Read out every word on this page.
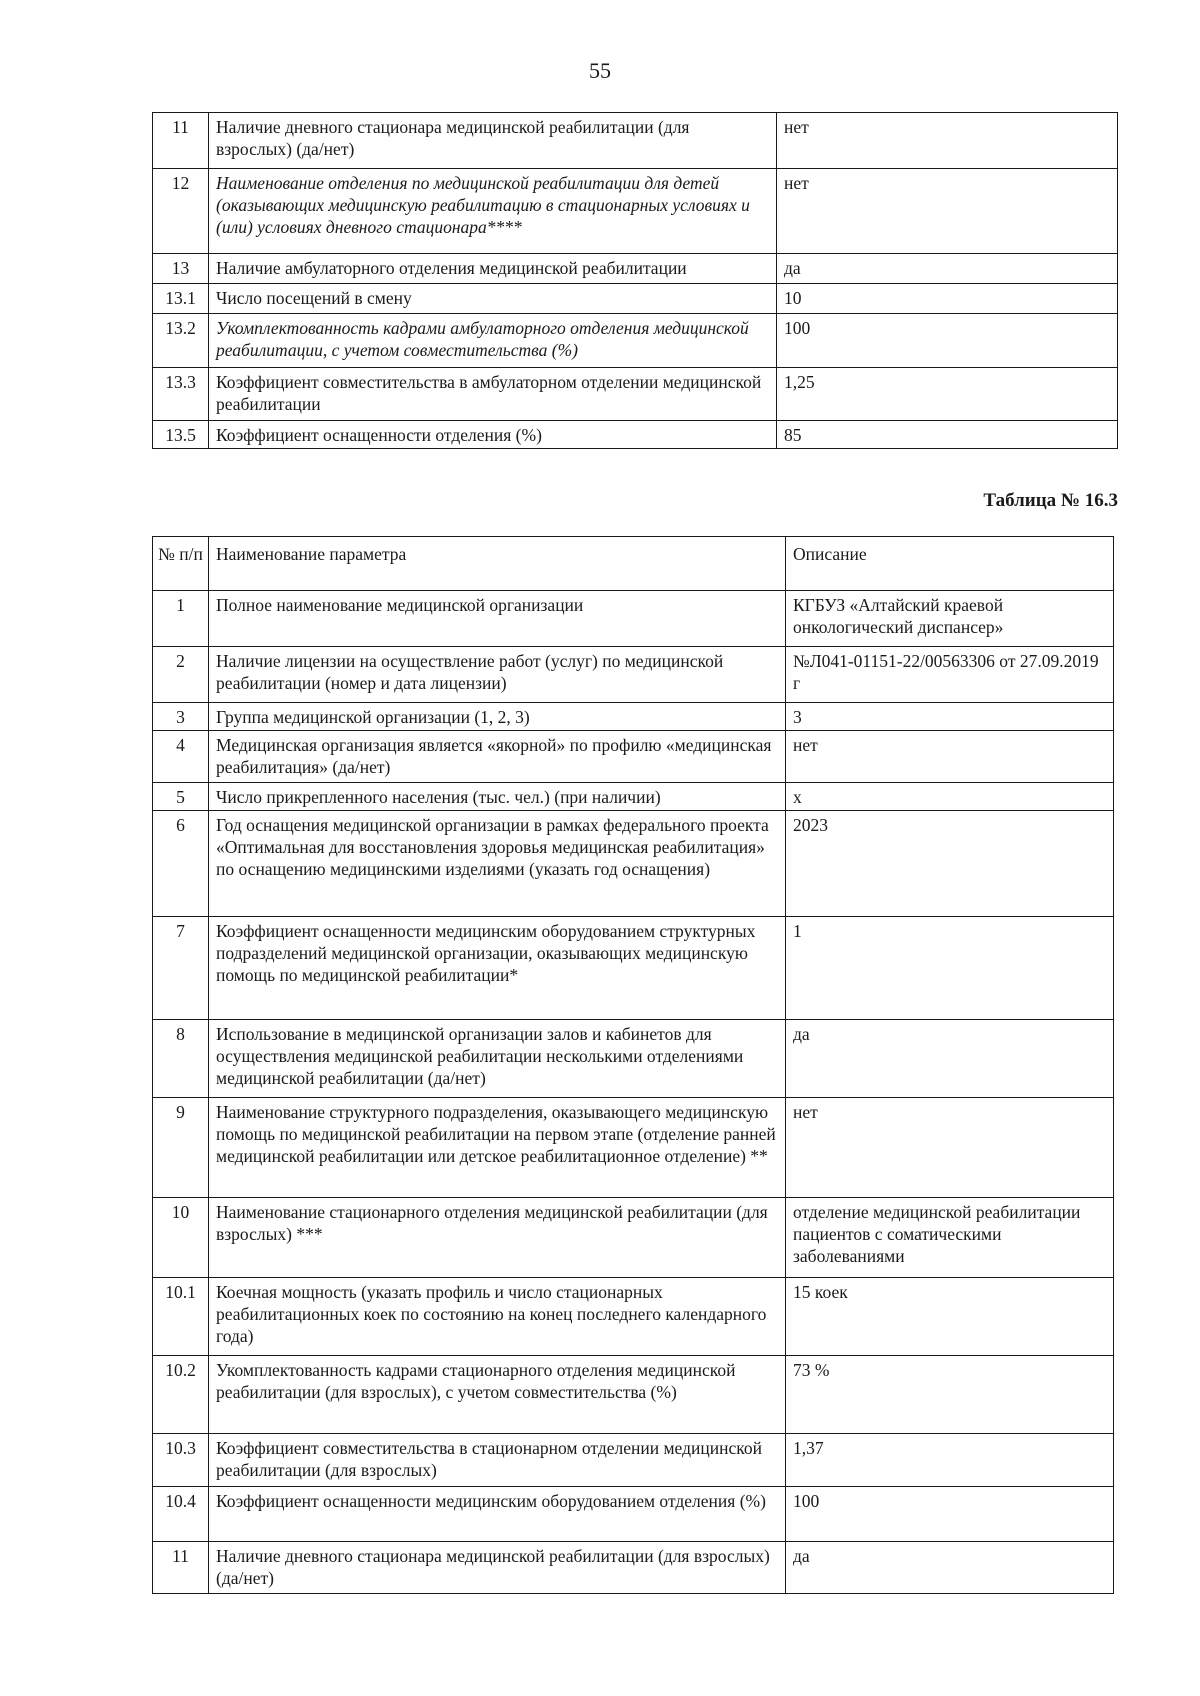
55
11	Наличие дневного стационара медицинской реабилитации (для взрослых) (да/нет)	нет
12	Наименование отделения по медицинской реабилитации для детей (оказывающих медицинскую реабилитацию в стационарных условиях и (или) условиях дневного стационара****	нет
13	Наличие амбулаторного отделения медицинской реабилитации	да
13.1	Число посещений в смену	10
13.2	Укомплектованность кадрами амбулаторного отделения медицинской реабилитации, с учетом совместительства (%)	100
13.3	Коэффициент совместительства в амбулаторном отделении медицинской реабилитации	1,25
13.5	Коэффициент оснащенности отделения (%)	85
Таблица № 16.3
№ п/п	Наименование параметра	Описание
1	Полное наименование медицинской организации	КГБУЗ «Алтайский краевой онкологический диспансер»
2	Наличие лицензии на осуществление работ (услуг) по медицинской реабилитации (номер и дата лицензии)	№Л041-01151-22/00563306 от 27.09.2019 г
3	Группа медицинской организации (1, 2, 3)	3
4	Медицинская организация является «якорной» по профилю «медицинская реабилитация» (да/нет)	нет
5	Число прикрепленного населения (тыс. чел.) (при наличии)	х
6	Год оснащения медицинской организации в рамках федерального проекта «Оптимальная для восстановления здоровья медицинская реабилитация» по оснащению медицинскими изделиями (указать год оснащения)	2023
7	Коэффициент оснащенности медицинским оборудованием структурных подразделений медицинской организации, оказывающих медицинскую помощь по медицинской реабилитации*	1
8	Использование в медицинской организации залов и кабинетов для осуществления медицинской реабилитации несколькими отделениями медицинской реабилитации (да/нет)	да
9	Наименование структурного подразделения, оказывающего медицинскую помощь по медицинской реабилитации на первом этапе (отделение ранней медицинской реабилитации или детское реабилитационное отделение) **	нет
10	Наименование стационарного отделения медицинской реабилитации (для взрослых) ***	отделение медицинской реабилитации пациентов с соматическими заболеваниями
10.1	Коечная мощность (указать профиль и число стационарных реабилитационных коек по состоянию на конец последнего календарного года)	15 коек
10.2	Укомплектованность кадрами стационарного отделения медицинской реабилитации (для взрослых), с учетом совместительства (%)	73 %
10.3	Коэффициент совместительства в стационарном отделении медицинской реабилитации (для взрослых)	1,37
10.4	Коэффициент оснащенности медицинским оборудованием отделения (%)	100
11	Наличие дневного стационара медицинской реабилитации (для взрослых) (да/нет)	да
